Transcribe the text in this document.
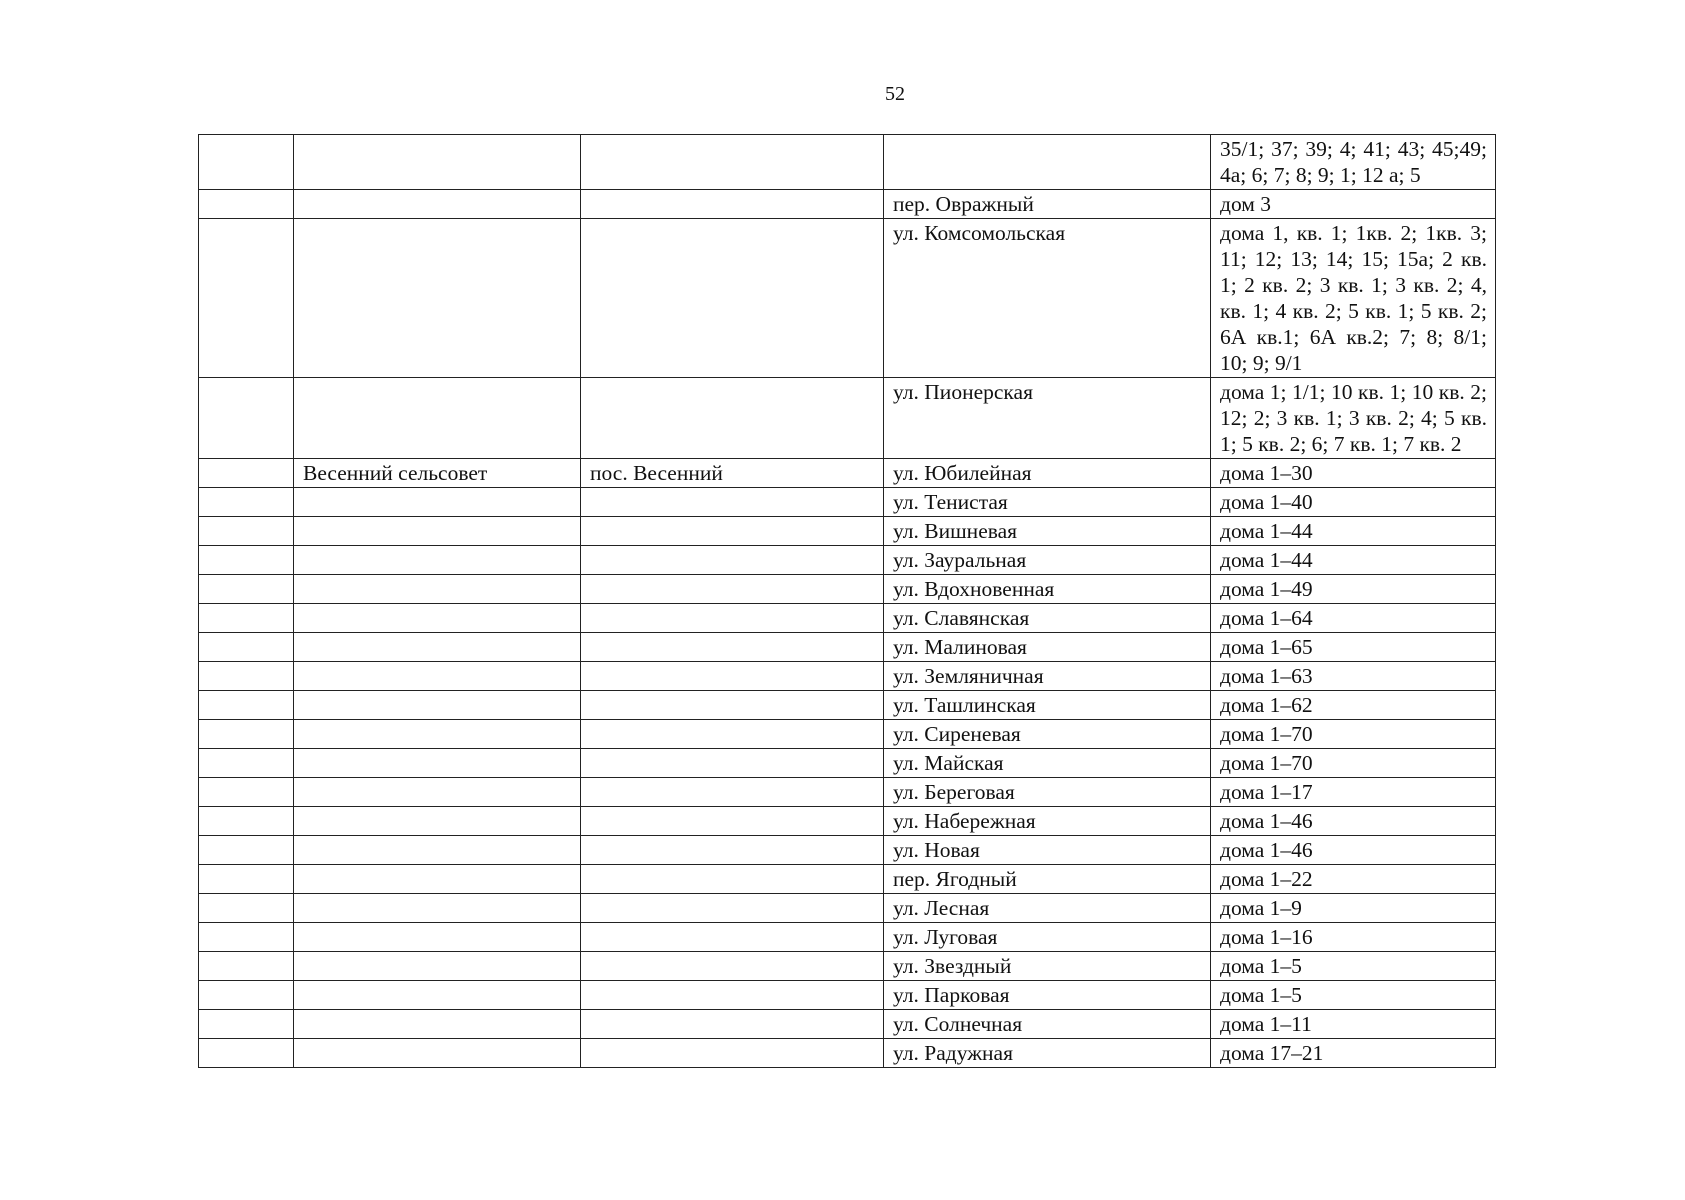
52
				35/1; 37; 39; 4; 41; 43; 45;49; 4а; 6; 7; 8; 9; 1; 12 а; 5
			пер. Овражный	дом 3
			ул. Комсомольская	дома 1, кв. 1; 1кв. 2; 1кв. 3; 11; 12; 13; 14; 15; 15а; 2 кв. 1; 2 кв. 2; 3 кв. 1; 3 кв. 2; 4, кв. 1; 4 кв. 2; 5 кв. 1; 5 кв. 2; 6А кв.1; 6А кв.2; 7; 8; 8/1; 10; 9; 9/1
			ул. Пионерская	дома 1; 1/1; 10 кв. 1; 10 кв. 2; 12; 2; 3 кв. 1; 3 кв. 2; 4; 5 кв. 1; 5 кв. 2; 6; 7 кв. 1; 7 кв. 2
	Весенний сельсовет	пос. Весенний	ул. Юбилейная	дома 1–30
			ул. Тенистая	дома 1–40
			ул. Вишневая	дома 1–44
			ул. Зауральная	дома 1–44
			ул. Вдохновенная	дома 1–49
			ул. Славянская	дома 1–64
			ул. Малиновая	дома 1–65
			ул. Земляничная	дома 1–63
			ул. Ташлинская	дома 1–62
			ул. Сиреневая	дома 1–70
			ул. Майская	дома 1–70
			ул. Береговая	дома 1–17
			ул. Набережная	дома 1–46
			ул. Новая	дома 1–46
			пер. Ягодный	дома 1–22
			ул. Лесная	дома 1–9
			ул. Луговая	дома 1–16
			ул. Звездный	дома 1–5
			ул. Парковая	дома 1–5
			ул. Солнечная	дома 1–11
			ул. Радужная	дома 17–21
